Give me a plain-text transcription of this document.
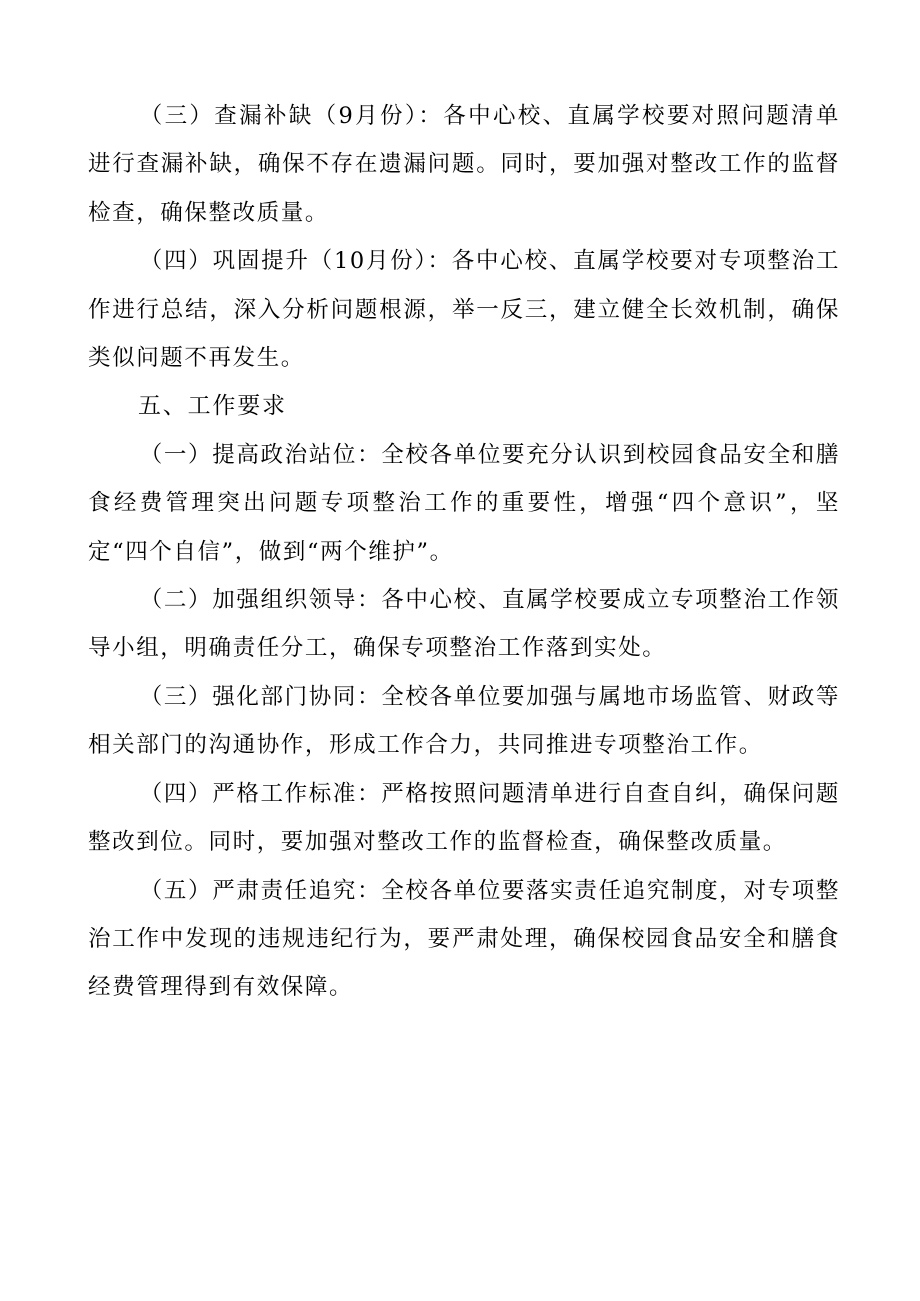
（三）查漏补缺（9月份）：各中心校、直属学校要对照问题清单进行查漏补缺，确保不存在遗漏问题。同时，要加强对整改工作的监督检查，确保整改质量。

（四）巩固提升（10月份）：各中心校、直属学校要对专项整治工作进行总结，深入分析问题根源，举一反三，建立健全长效机制，确保类似问题不再发生。

五、工作要求

（一）提高政治站位：全校各单位要充分认识到校园食品安全和膳食经费管理突出问题专项整治工作的重要性，增强“四个意识”，坚定“四个自信”，做到“两个维护”。

（二）加强组织领导：各中心校、直属学校要成立专项整治工作领导小组，明确责任分工，确保专项整治工作落到实处。

（三）强化部门协同：全校各单位要加强与属地市场监管、财政等相关部门的沟通协作，形成工作合力，共同推进专项整治工作。

（四）严格工作标准：严格按照问题清单进行自查自纠，确保问题整改到位。同时，要加强对整改工作的监督检查，确保整改质量。

（五）严肃责任追究：全校各单位要落实责任追究制度，对专项整治工作中发现的违规违纪行为，要严肃处理，确保校园食品安全和膳食经费管理得到有效保障。
